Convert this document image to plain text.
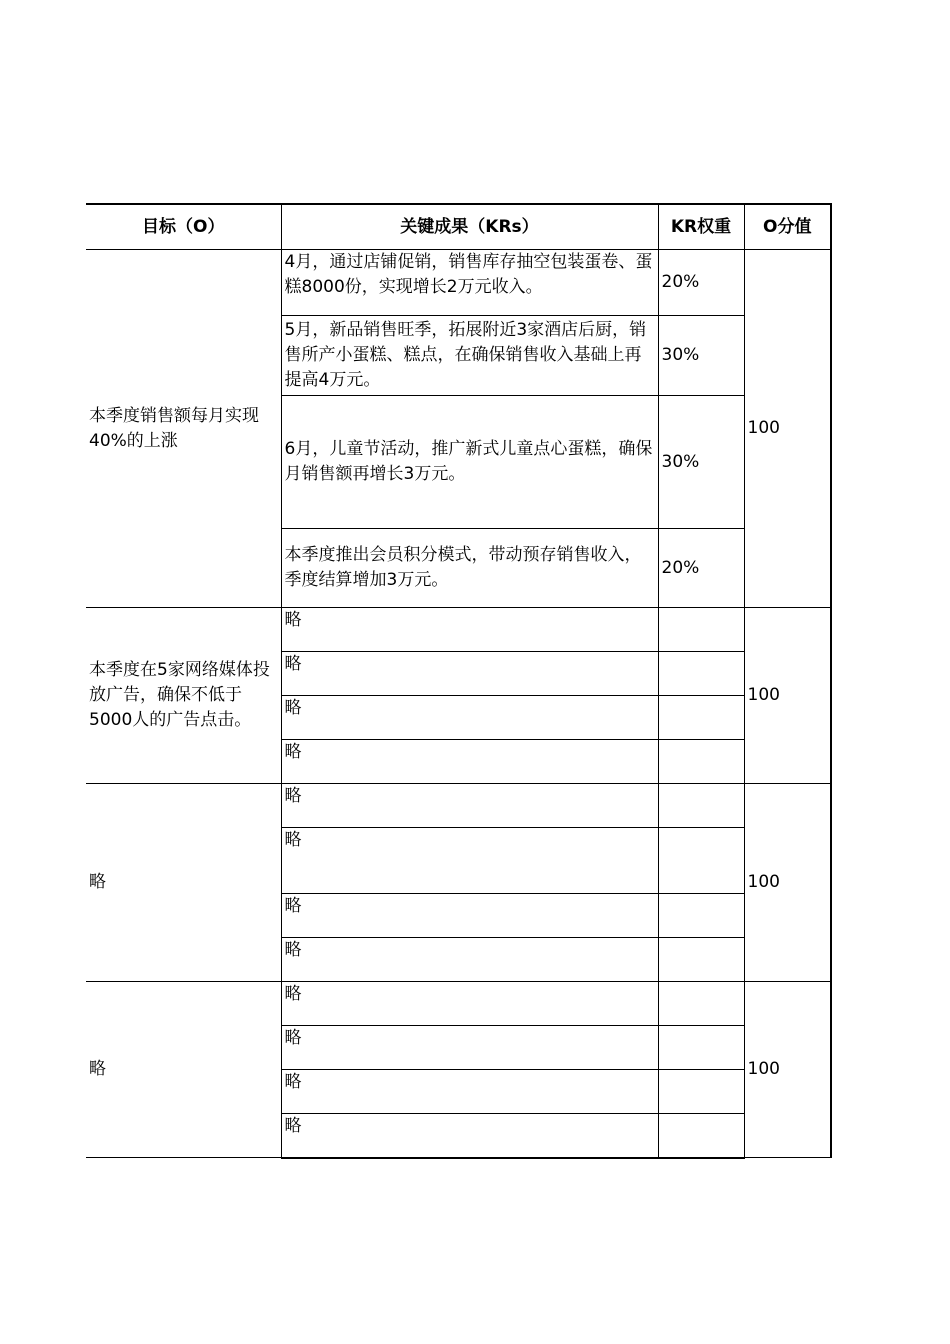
目标（O）	关键成果（KRs）	KR权重	O分值
本季度销售额每月实现40%的上涨	4月，通过店铺促销，销售库存抽空包装蛋卷、蛋糕8000份，实现增长2万元收入。	20%	100
	5月，新品销售旺季，拓展附近3家酒店后厨，销售所产小蛋糕、糕点，在确保销售收入基础上再提高4万元。	30%	
	6月，儿童节活动，推广新式儿童点心蛋糕，确保月销售额再增长3万元。	30%	
	本季度推出会员积分模式，带动预存销售收入，季度结算增加3万元。	20%	
本季度在5家网络媒体投放广告，确保不低于5000人的广告点击。	略		100
	略		
	略		
	略		
略	略		100
	略		
	略		
	略		
略	略		100
	略		
	略		
	略		
